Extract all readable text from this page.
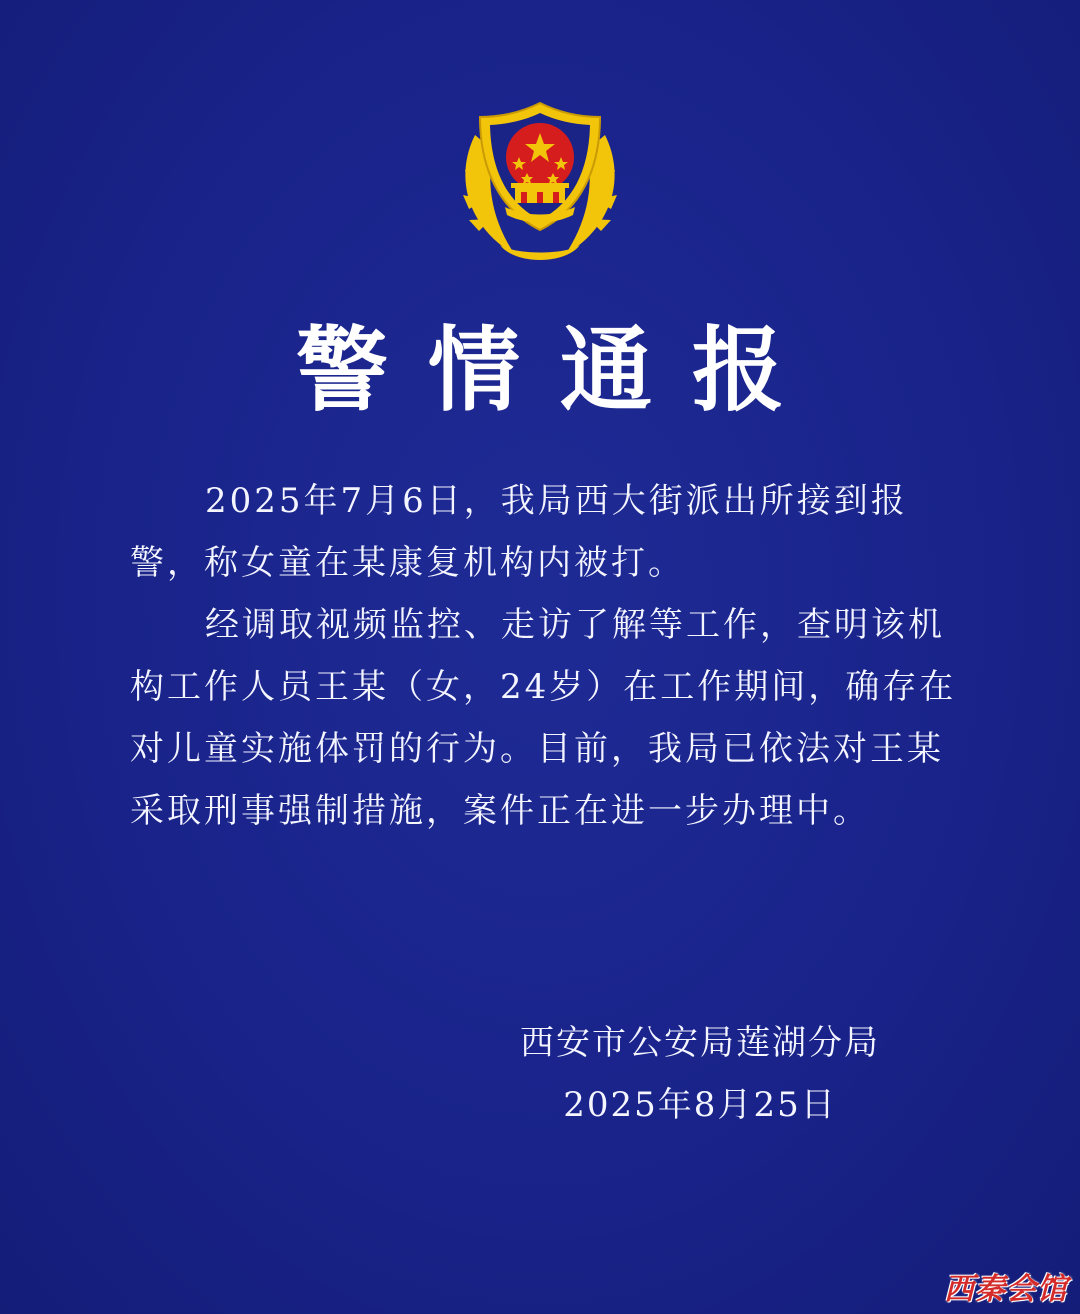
警情通报

2025年7月6日，我局西大街派出所接到报警，称女童在某康复机构内被打。

经调取视频监控、走访了解等工作，查明该机构工作人员王某（女，24岁）在工作期间，确存在对儿童实施体罚的行为。目前，我局已依法对王某采取刑事强制措施，案件正在进一步办理中。

西安市公安局莲湖分局
2025年8月25日
西秦会馆
